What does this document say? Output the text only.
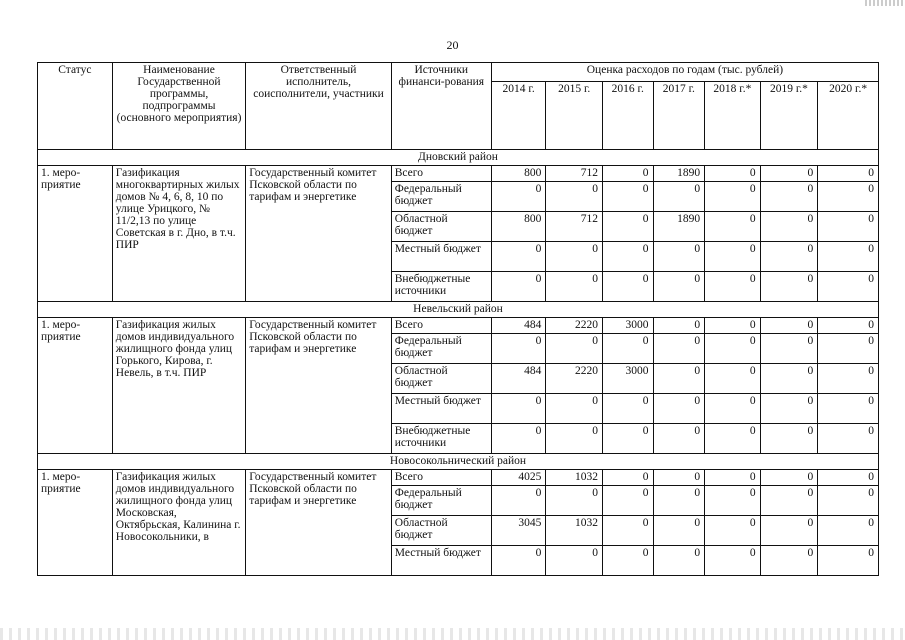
20
Статус	Наименование Государственной программы, подпрограммы (основного мероприятия)	Ответственный исполнитель, соисполнители, участники	Источники финанси-рования	Оценка расходов по годам (тыс. рублей)						
				2014 г.	2015 г.	2016 г.	2017 г.	2018 г.*	2019 г.*	2020 г.*
Дновский район										
1. меро-приятие	Газификация многоквартирных жилых домов № 4, 6, 8, 10 по улице Урицкого, № 11/2,13 по улице Советская в г. Дно, в т.ч. ПИР	Государственный комитет Псковской области по тарифам и энергетике	Всего	800	712	0	1890	0	0	0
			Федеральный бюджет	0	0	0	0	0	0	0
			Областной бюджет	800	712	0	1890	0	0	0
			Местный бюджет	0	0	0	0	0	0	0
			Внебюджетные источники	0	0	0	0	0	0	0
Невельский район										
1. меро-приятие	Газификация жилых домов индивидуального жилищного фонда улиц Горького, Кирова, г. Невель, в т.ч. ПИР	Государственный комитет Псковской области по тарифам и энергетике	Всего	484	2220	3000	0	0	0	0
			Федеральный бюджет	0	0	0	0	0	0	0
			Областной бюджет	484	2220	3000	0	0	0	0
			Местный бюджет	0	0	0	0	0	0	0
			Внебюджетные источники	0	0	0	0	0	0	0
Новосокольнический район										
1. меро-приятие	Газификация жилых домов индивидуального жилищного фонда улиц Московская, Октябрьская, Калинина г. Новосокольники, в	Государственный комитет Псковской области по тарифам и энергетике	Всего	4025	1032	0	0	0	0	0
			Федеральный бюджет	0	0	0	0	0	0	0
			Областной бюджет	3045	1032	0	0	0	0	0
			Местный бюджет	0	0	0	0	0	0	0
